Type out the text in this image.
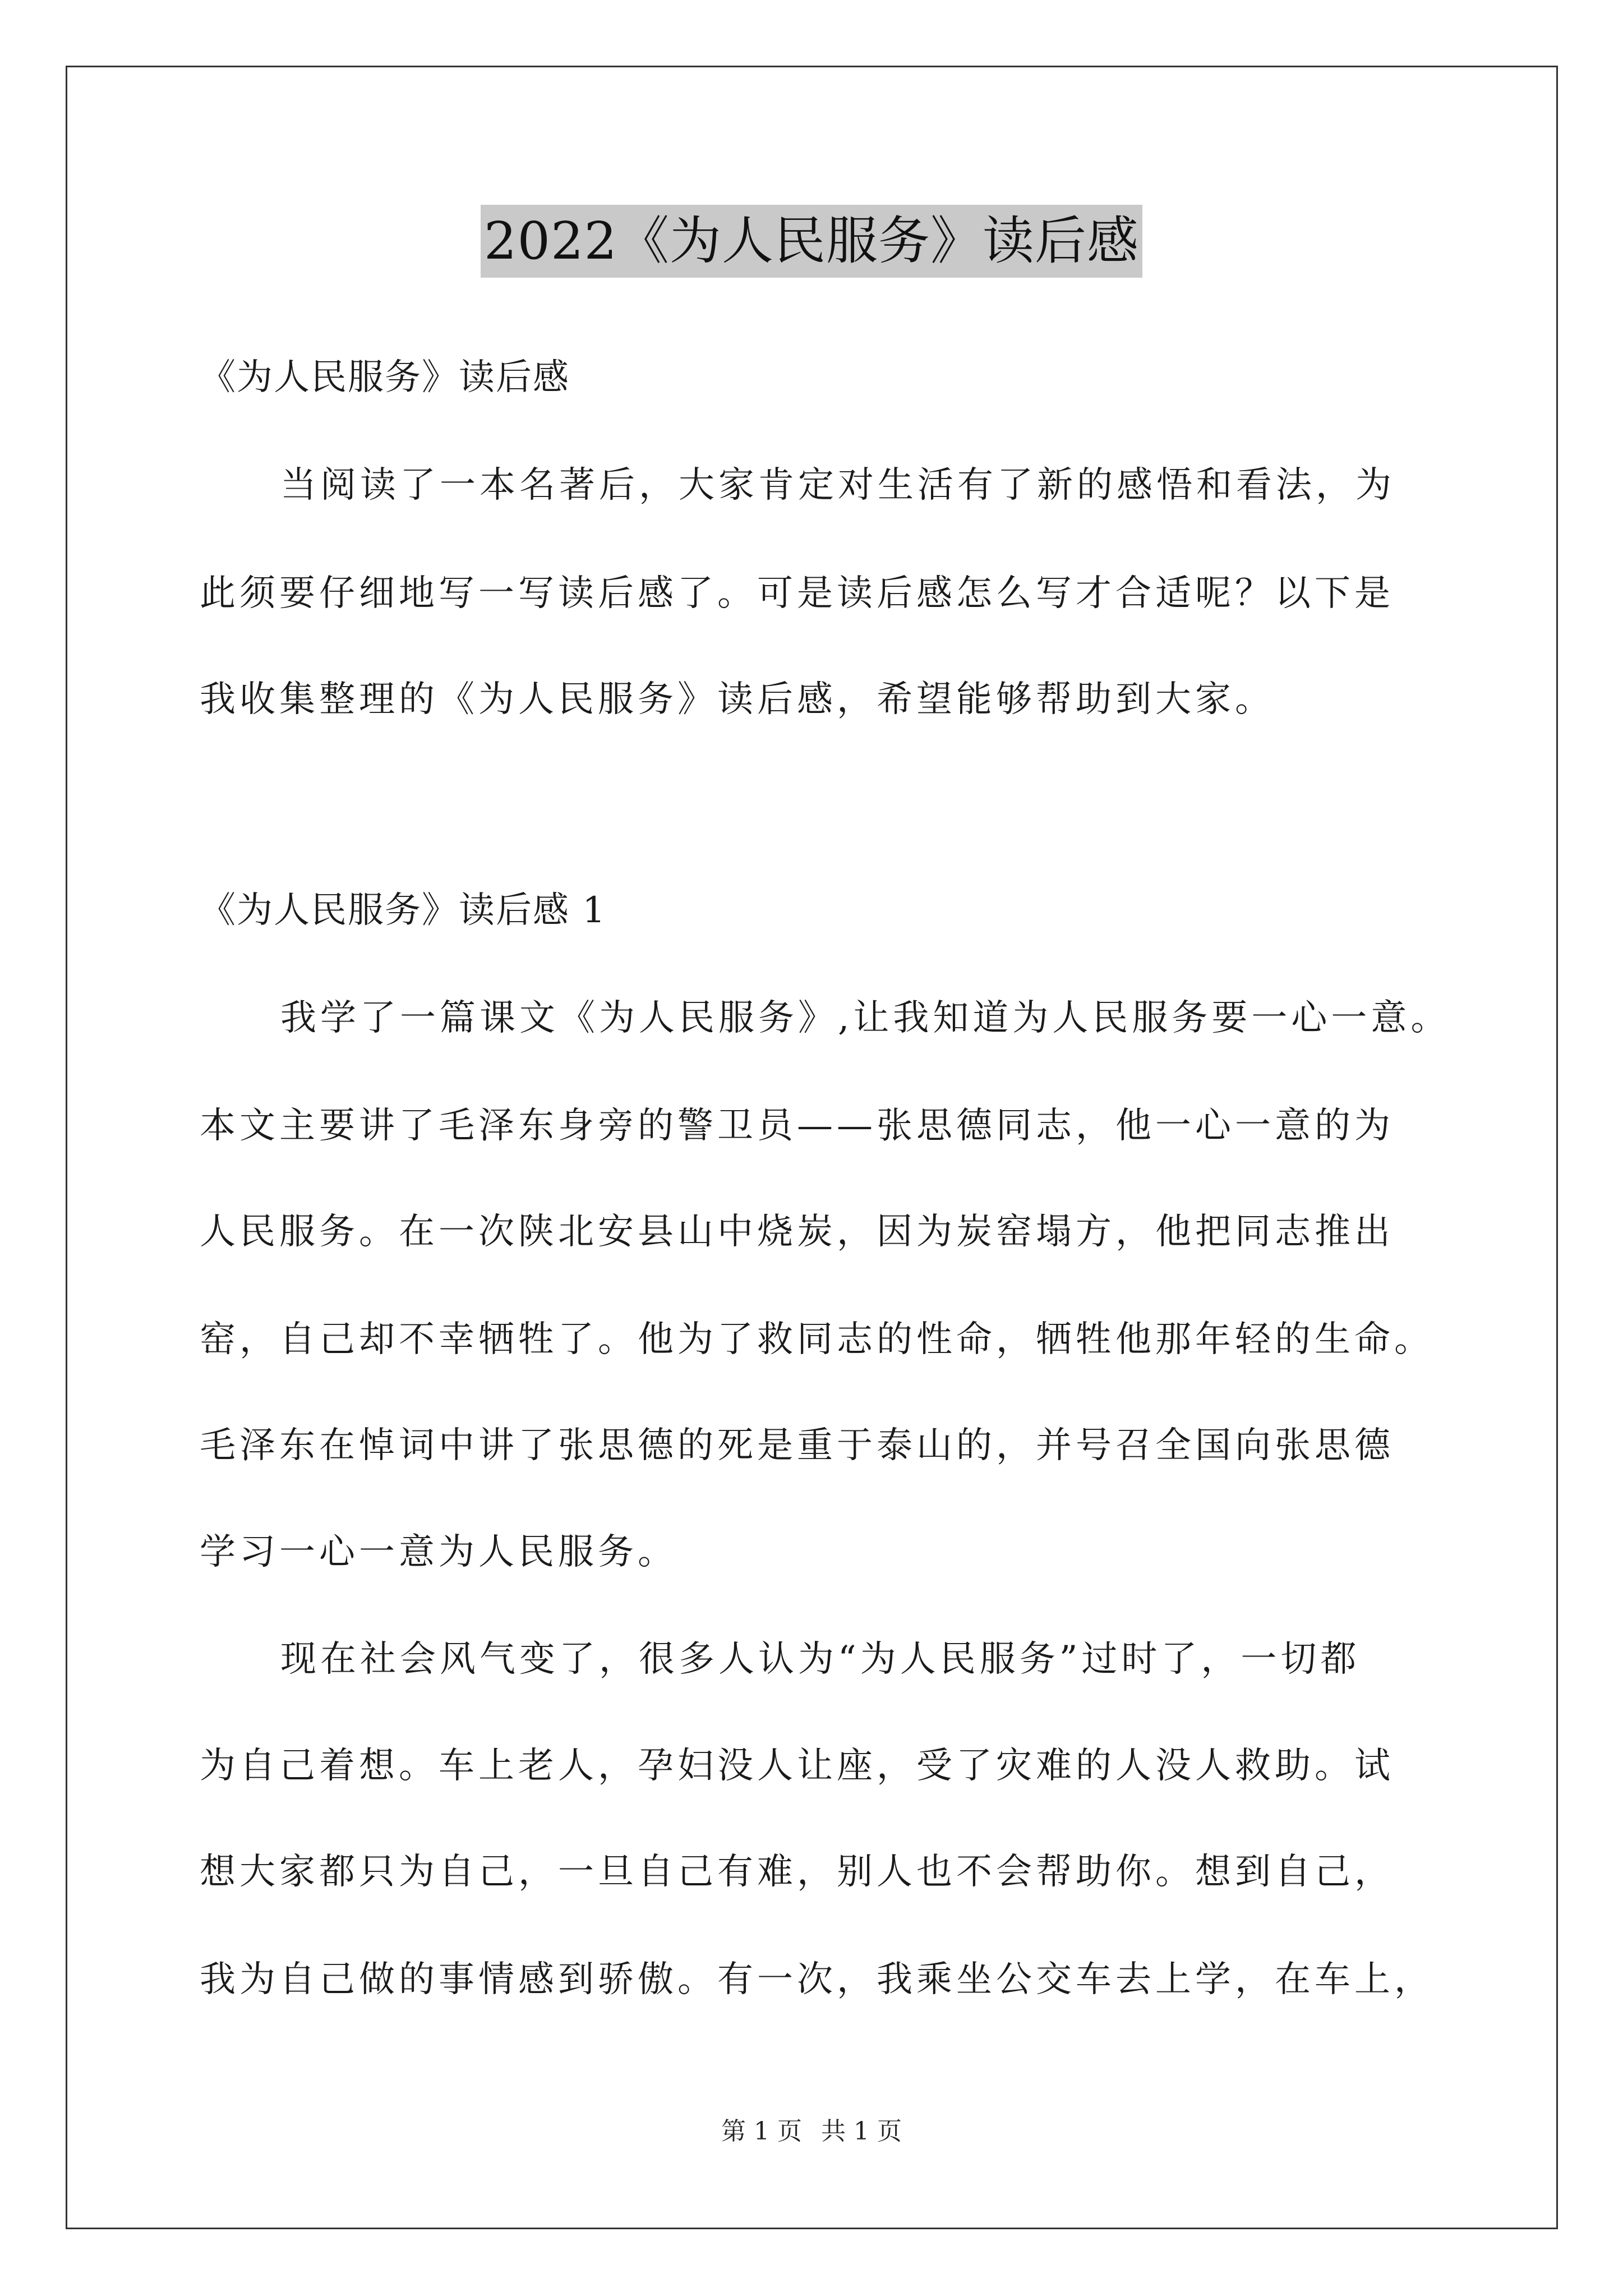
2022《为人民服务》读后感
《为人民服务》读后感
当阅读了一本名著后，大家肯定对生活有了新的感悟和看法，为
此须要仔细地写一写读后感了。可是读后感怎么写才合适呢？以下是
我收集整理的《为人民服务》读后感，希望能够帮助到大家。
《为人民服务》读后感 1
我学了一篇课文《为人民服务》,让我知道为人民服务要一心一意。
本文主要讲了毛泽东身旁的警卫员——张思德同志，他一心一意的为
人民服务。在一次陕北安县山中烧炭，因为炭窑塌方，他把同志推出
窑，自己却不幸牺牲了。他为了救同志的性命，牺牲他那年轻的生命。
毛泽东在悼词中讲了张思德的死是重于泰山的，并号召全国向张思德
学习一心一意为人民服务。
现在社会风气变了，很多人认为“为人民服务”过时了，一切都
为自己着想。车上老人，孕妇没人让座，受了灾难的人没人救助。试
想大家都只为自己，一旦自己有难，别人也不会帮助你。想到自己，
我为自己做的事情感到骄傲。有一次，我乘坐公交车去上学，在车上，
第 1 页 共 1 页
